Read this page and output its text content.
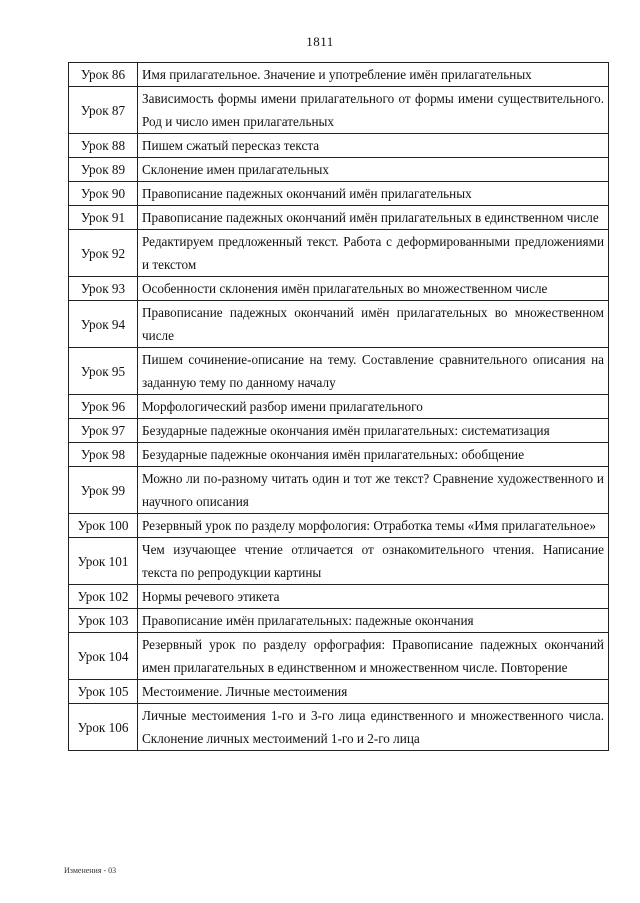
1811
Урок 86	Имя прилагательное. Значение и употребление имён прилагательных
Урок 87	Зависимость формы имени прилагательного от формы имени существительного. Род и число имен прилагательных
Урок 88	Пишем сжатый пересказ текста
Урок 89	Склонение имен прилагательных
Урок 90	Правописание падежных окончаний имён прилагательных
Урок 91	Правописание падежных окончаний имён прилагательных в единственном числе
Урок 92	Редактируем предложенный текст. Работа с деформированными предложениями и текстом
Урок 93	Особенности склонения имён прилагательных во множественном числе
Урок 94	Правописание падежных окончаний имён прилагательных во множественном числе
Урок 95	Пишем сочинение-описание на тему. Составление сравнительного описания на заданную тему по данному началу
Урок 96	Морфологический разбор имени прилагательного
Урок 97	Безударные падежные окончания имён прилагательных: систематизация
Урок 98	Безударные падежные окончания имён прилагательных: обобщение
Урок 99	Можно ли по-разному читать один и тот же текст? Сравнение художественного и научного описания
Урок 100	Резервный урок по разделу морфология: Отработка темы «Имя прилагательное»
Урок 101	Чем изучающее чтение отличается от ознакомительного чтения. Написание текста по репродукции картины
Урок 102	Нормы речевого этикета
Урок 103	Правописание имён прилагательных: падежные окончания
Урок 104	Резервный урок по разделу орфография: Правописание падежных окончаний имен прилагательных в единственном и множественном числе. Повторение
Урок 105	Местоимение. Личные местоимения
Урок 106	Личные местоимения 1-го и 3-го лица единственного и множественного числа. Склонение личных местоимений 1-го и 2-го лица
Изменения - 03
